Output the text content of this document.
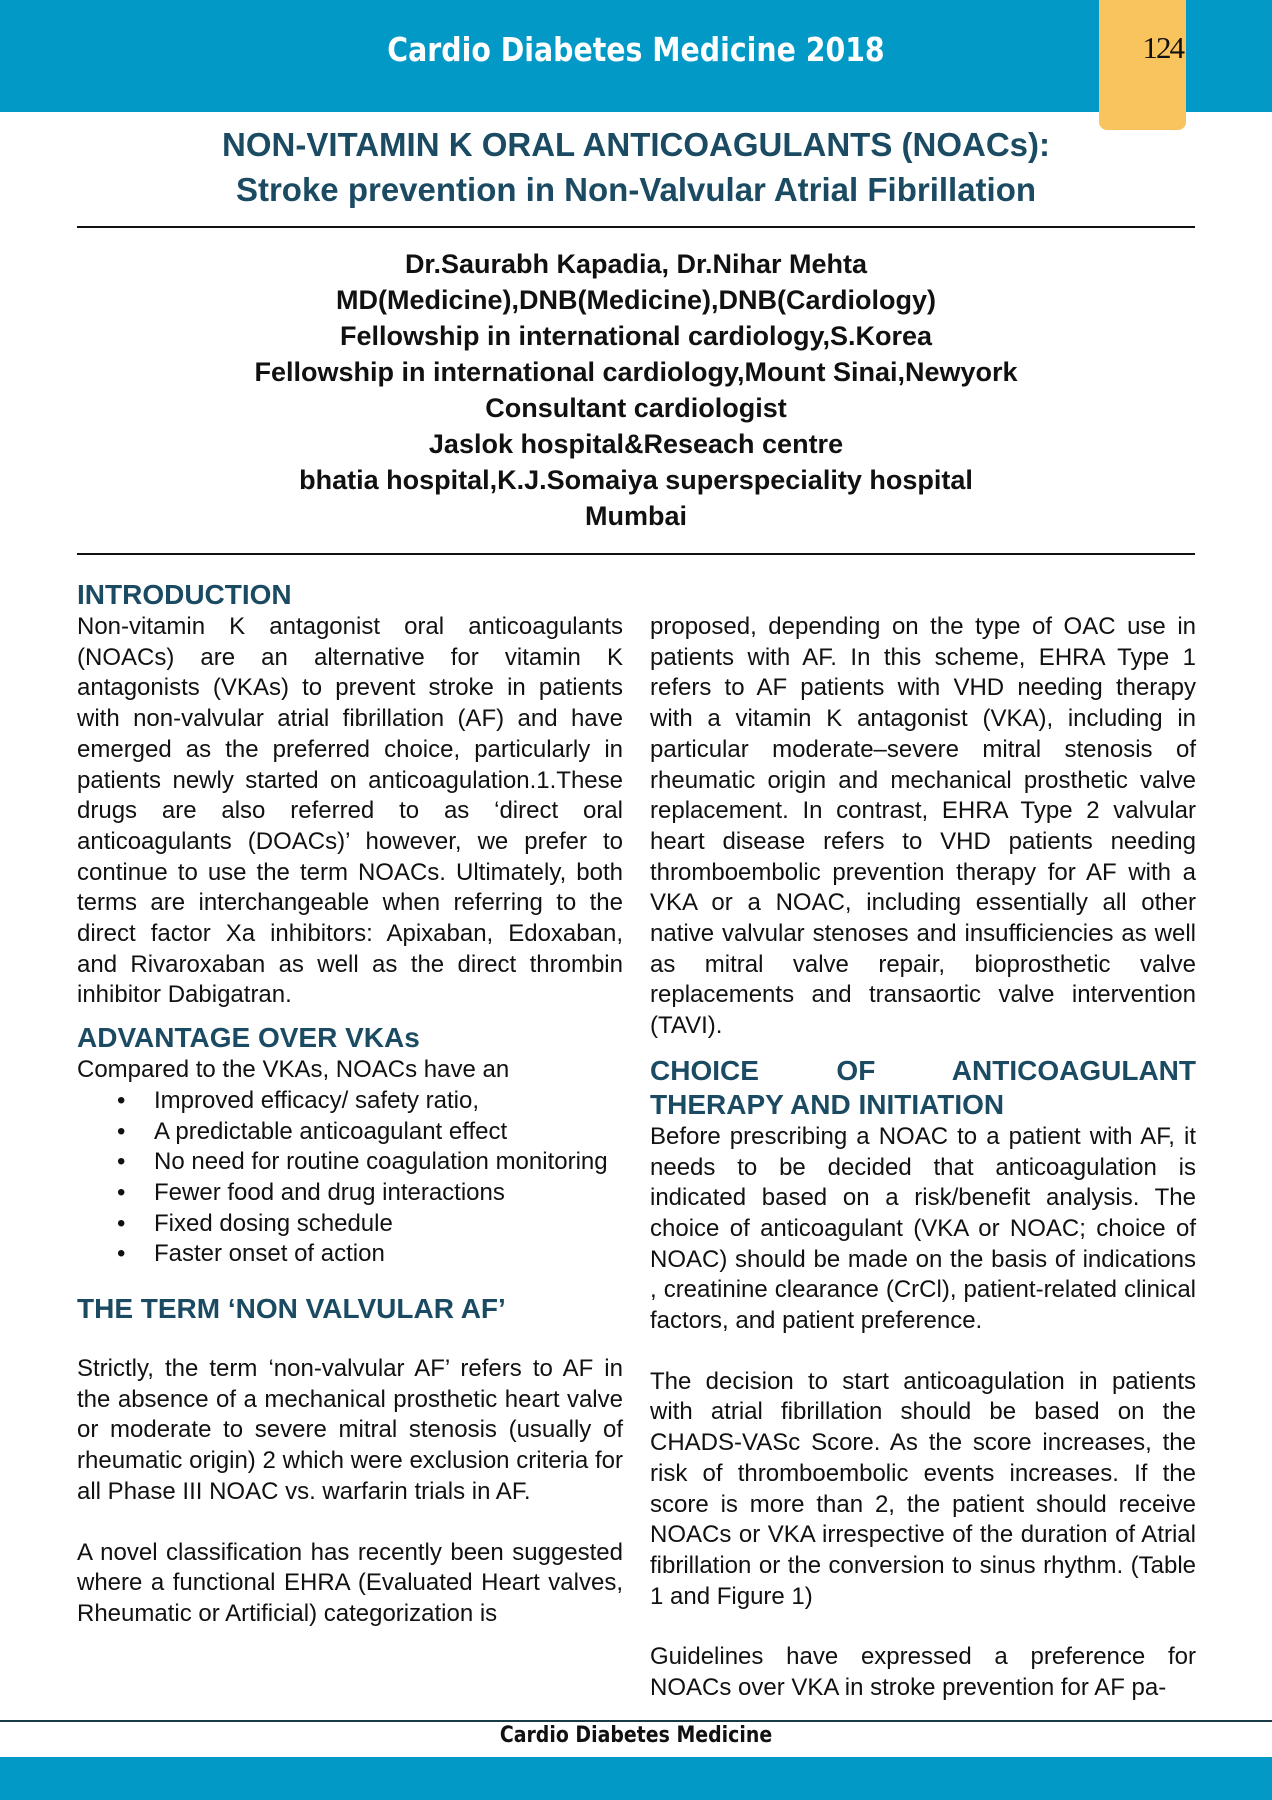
Cardio Diabetes Medicine 2018	124
NON-VITAMIN K ORAL ANTICOAGULANTS (NOACs):
Stroke prevention in Non-Valvular Atrial Fibrillation
Dr.Saurabh Kapadia, Dr.Nihar Mehta
MD(Medicine),DNB(Medicine),DNB(Cardiology)
Fellowship in international cardiology,S.Korea
Fellowship in international cardiology,Mount Sinai,Newyork
Consultant cardiologist
Jaslok hospital&Reseach centre
bhatia hospital,K.J.Somaiya superspeciality hospital
Mumbai
INTRODUCTION

Non-vitamin K antagonist oral anticoagulants (NOACs) are an alternative for vitamin K antagonists (VKAs) to prevent stroke in patients with non-valvular atrial fibrillation (AF) and have emerged as the preferred choice, particularly in patients newly started on anticoagulation.1.These drugs are also referred to as ‘direct oral anticoagulants (DOACs)’ however, we prefer to continue to use the term NOACs. Ultimately, both terms are interchangeable when referring to the direct factor Xa inhibitors: Apixaban, Edoxaban, and Rivaroxaban as well as the direct thrombin inhibitor Dabigatran.

ADVANTAGE OVER VKAs

Compared to the VKAs, NOACs have an

• Improved efficacy/ safety ratio,
• A predictable anticoagulant effect
• No need for routine coagulation monitoring
• Fewer food and drug interactions
• Fixed dosing schedule
• Faster onset of action
THE TERM ‘NON VALVULAR AF’

Strictly, the term ‘non-valvular AF’ refers to AF in the absence of a mechanical prosthetic heart valve or moderate to severe mitral stenosis (usually of rheumatic origin) 2 which were exclusion criteria for all Phase III NOAC vs. warfarin trials in AF.

A novel classification has recently been suggested where a functional EHRA (Evaluated Heart valves, Rheumatic or Artificial) categorization is

proposed, depending on the type of OAC use in patients with AF. In this scheme, EHRA Type 1 refers to AF patients with VHD needing therapy with a vitamin K antagonist (VKA), including in particular moderate–severe mitral stenosis of rheumatic origin and mechanical prosthetic valve replacement. In contrast, EHRA Type 2 valvular heart disease refers to VHD patients needing thromboembolic prevention therapy for AF with a VKA or a NOAC, including essentially all other native valvular stenoses and insufficiencies as well as mitral valve repair, bioprosthetic valve replacements and transaortic valve intervention (TAVI).

CHOICE OF ANTICOAGULANT THERAPY AND INITIATION

Before prescribing a NOAC to a patient with AF, it needs to be decided that anticoagulation is indicated based on a risk/benefit analysis. The choice of anticoagulant (VKA or NOAC; choice of NOAC) should be made on the basis of indications , creatinine clearance (CrCl), patient-related clinical factors, and patient preference.

The decision to start anticoagulation in patients with atrial fibrillation should be based on the CHADS-VASc Score. As the score increases, the risk of thromboembolic events increases. If the score is more than 2, the patient should receive NOACs or VKA irrespective of the duration of Atrial fibrillation or the conversion to sinus rhythm. (Table 1 and Figure 1)

Guidelines have expressed a preference for NOACs over VKA in stroke prevention for AF pa-

Cardio Diabetes Medicine
